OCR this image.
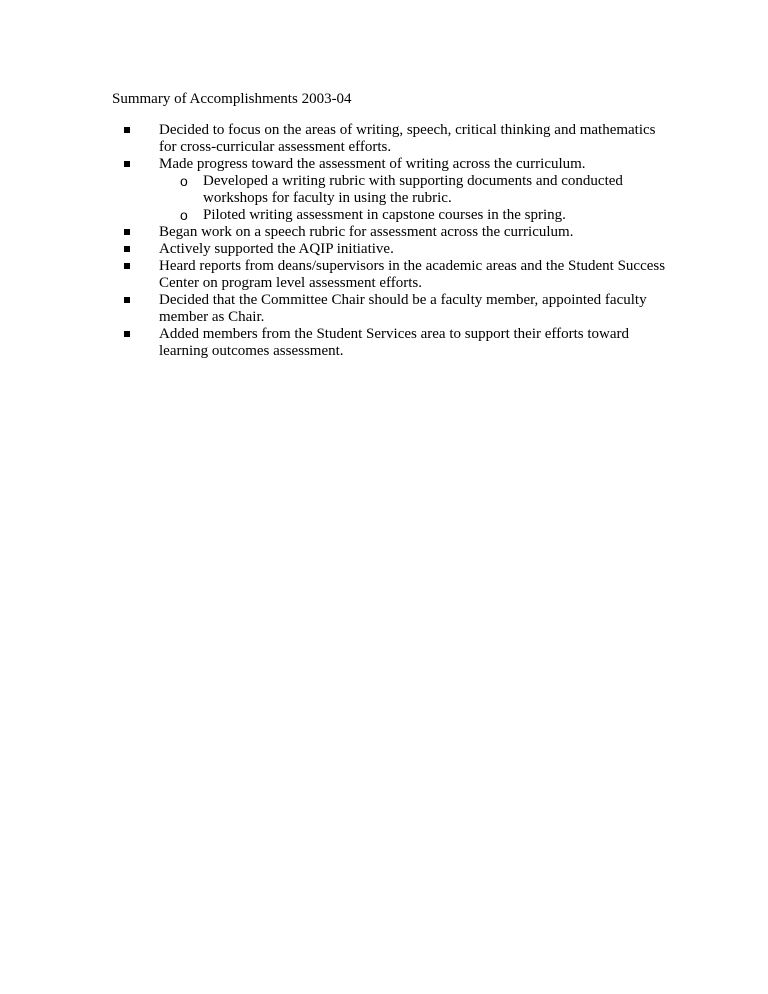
Summary of Accomplishments 2003-04
Decided to focus on the areas of writing, speech, critical thinking and mathematics for cross-curricular assessment efforts.
Made progress toward the assessment of writing across the curriculum.
o Developed a writing rubric with supporting documents and conducted workshops for faculty in using the rubric.
o Piloted writing assessment in capstone courses in the spring.
Began work on a speech rubric for assessment across the curriculum.
Actively supported the AQIP initiative.
Heard reports from deans/supervisors in the academic areas and the Student Success Center on program level assessment efforts.
Decided that the Committee Chair should be a faculty member, appointed faculty member as Chair.
Added members from the Student Services area to support their efforts toward learning outcomes assessment.
